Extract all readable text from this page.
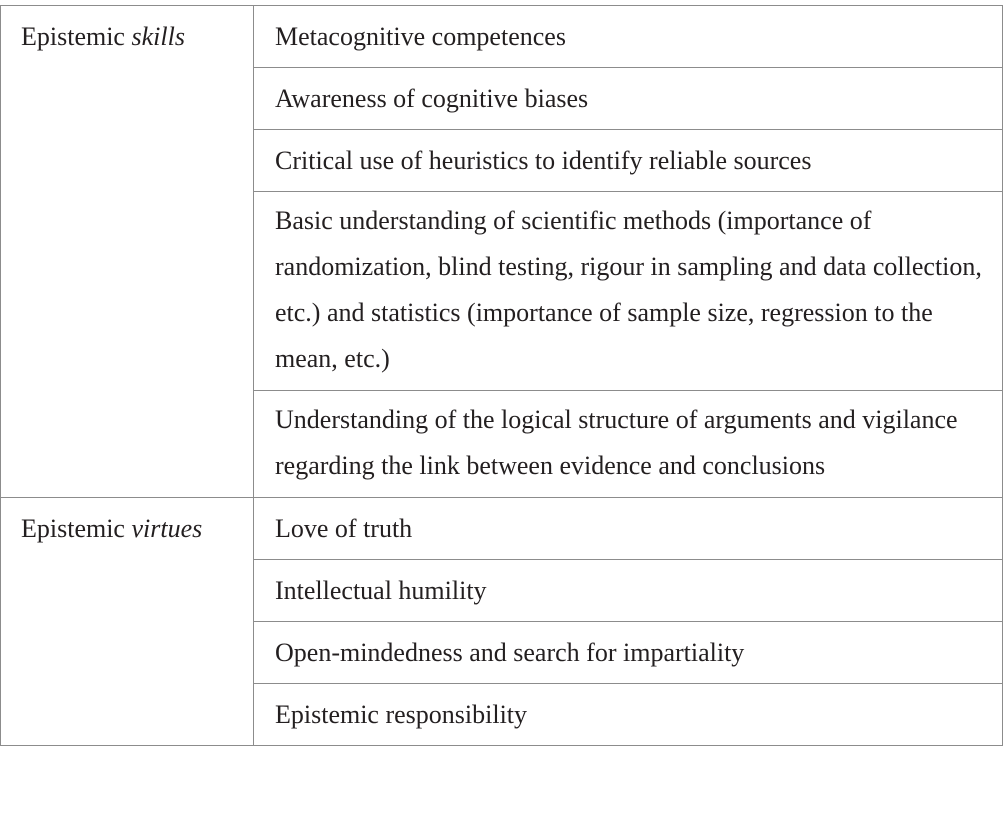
Epistemic skills	Metacognitive competences
	Awareness of cognitive biases
	Critical use of heuristics to identify reliable sources
	Basic understanding of scientific methods (importance of randomization, blind testing, rigour in sampling and data collection, etc.) and statistics (importance of sample size, regression to the mean, etc.)
	Understanding of the logical structure of arguments and vigilance regarding the link between evidence and conclusions
Epistemic virtues	Love of truth
	Intellectual humility
	Open-mindedness and search for impartiality
	Epistemic responsibility
